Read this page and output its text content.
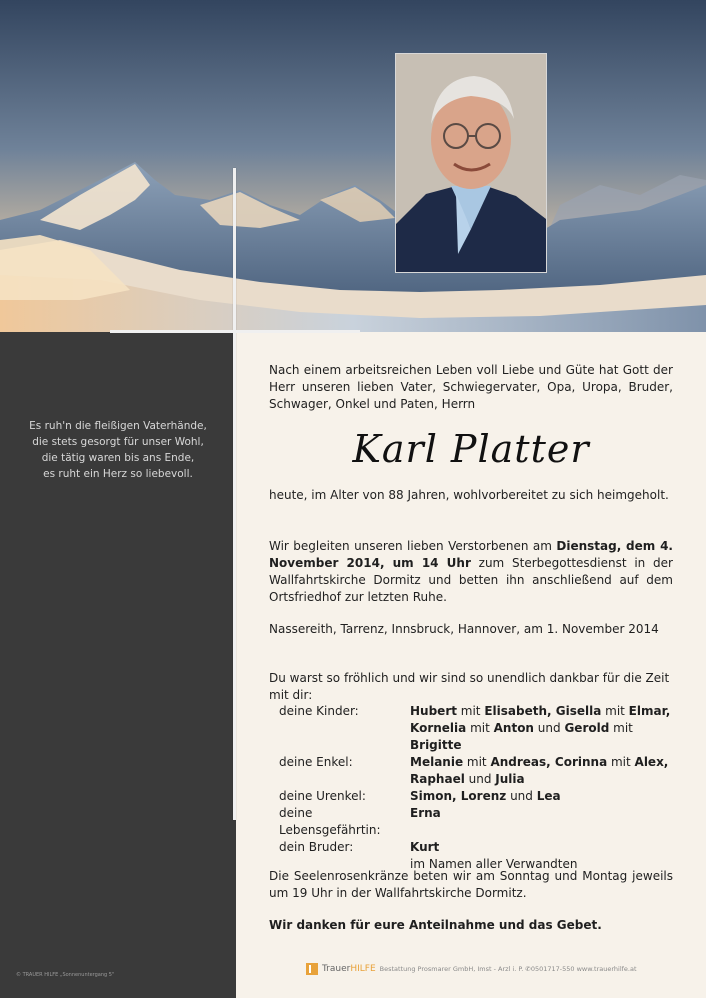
Es ruh'n die fleißigen Vaterhände,
die stets gesorgt für unser Wohl,
die tätig waren bis ans Ende,
es ruht ein Herz so liebevoll.
© TRAUER HILFE „Sonnenuntergang 5"
Nach einem arbeitsreichen Leben voll Liebe und Güte hat Gott der Herr unseren lieben Vater, Schwiegervater, Opa, Uropa, Bruder, Schwager, Onkel und Paten, Herrn
Karl Platter
heute, im Alter von 88 Jahren, wohlvorbereitet zu sich heimgeholt.
Wir begleiten unseren lieben Verstorbenen am Dienstag, dem 4. November 2014, um 14 Uhr zum Sterbegottesdienst in der Wallfahrtskirche Dormitz und betten ihn anschließend auf dem Ortsfriedhof zur letzten Ruhe.
Nassereith, Tarrenz, Innsbruck, Hannover, am 1. November 2014
Du warst so fröhlich und wir sind so unendlich dankbar für die Zeit mit dir:
deine Kinder:	Hubert mit Elisabeth, Gisella mit Elmar,
Kornelia mit Anton und Gerold mit Brigitte
deine Enkel:	Melanie mit Andreas, Corinna mit Alex,
Raphael und Julia
deine Urenkel:	Simon, Lorenz und Lea
deine Lebensgefährtin:
Erna
dein Bruder:	Kurt
im Namen aller Verwandten
Die Seelenrosenkränze beten wir am Sonntag und Montag jeweils um 19 Uhr in der Wallfahrtskirche Dormitz.
Wir danken für eure Anteilnahme und das Gebet.
TrauerHILFE Bestattung Prosmarer GmbH, Imst - Arzl i. P. ✆0501717-550 www.trauerhilfe.at
